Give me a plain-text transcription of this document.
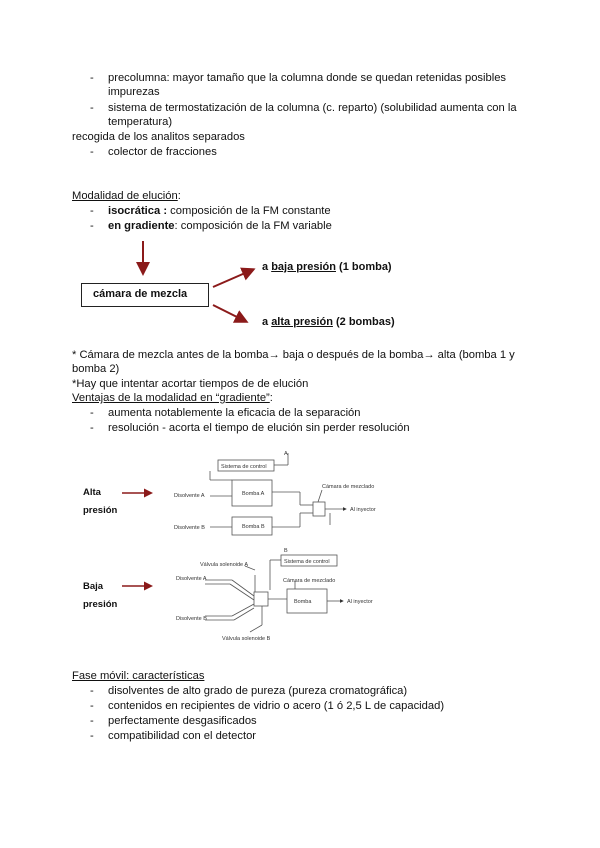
- precolumna: mayor tamaño que la columna donde se quedan retenidas posibles
impurezas
- sistema de termostatización de la columna (c. reparto) (solubilidad aumenta con la
temperatura)
recogida de los analitos separados
- colector de fracciones
Modalidad de elución:
- isocrática : composición de la FM constante
- en gradiente: composición de la FM variable
cámara de mezcla
a baja presión (1 bomba)
a alta presión (2 bombas)
* Cámara de mezcla antes de la bomba→ baja o después de la bomba→ alta (bomba 1 y
bomba 2)
*Hay que intentar acortar tiempos de de elución
Ventajas de la modalidad en “gradiente”:
- aumenta notablemente la eficacia de la separación
- resolución - acorta el tiempo de elución sin perder resolución
Alta
presión
Baja
presión
A
Sistema de control
Disolvente A
Disolvente B
Bomba A
Bomba B
Cámara de mezclado
Al inyector
B
Válvula solenoide A	Sistema de control
Cámara de mezclado
Disolvente A
Disolvente B
Bomba	Al inyector
Válvula solenoide B
Fase móvil: características
- disolventes de alto grado de pureza (pureza cromatográfica)
- contenidos en recipientes de vidrio o acero (1 ó 2,5 L de capacidad)
- perfectamente desgasificados
- compatibilidad con el detector
